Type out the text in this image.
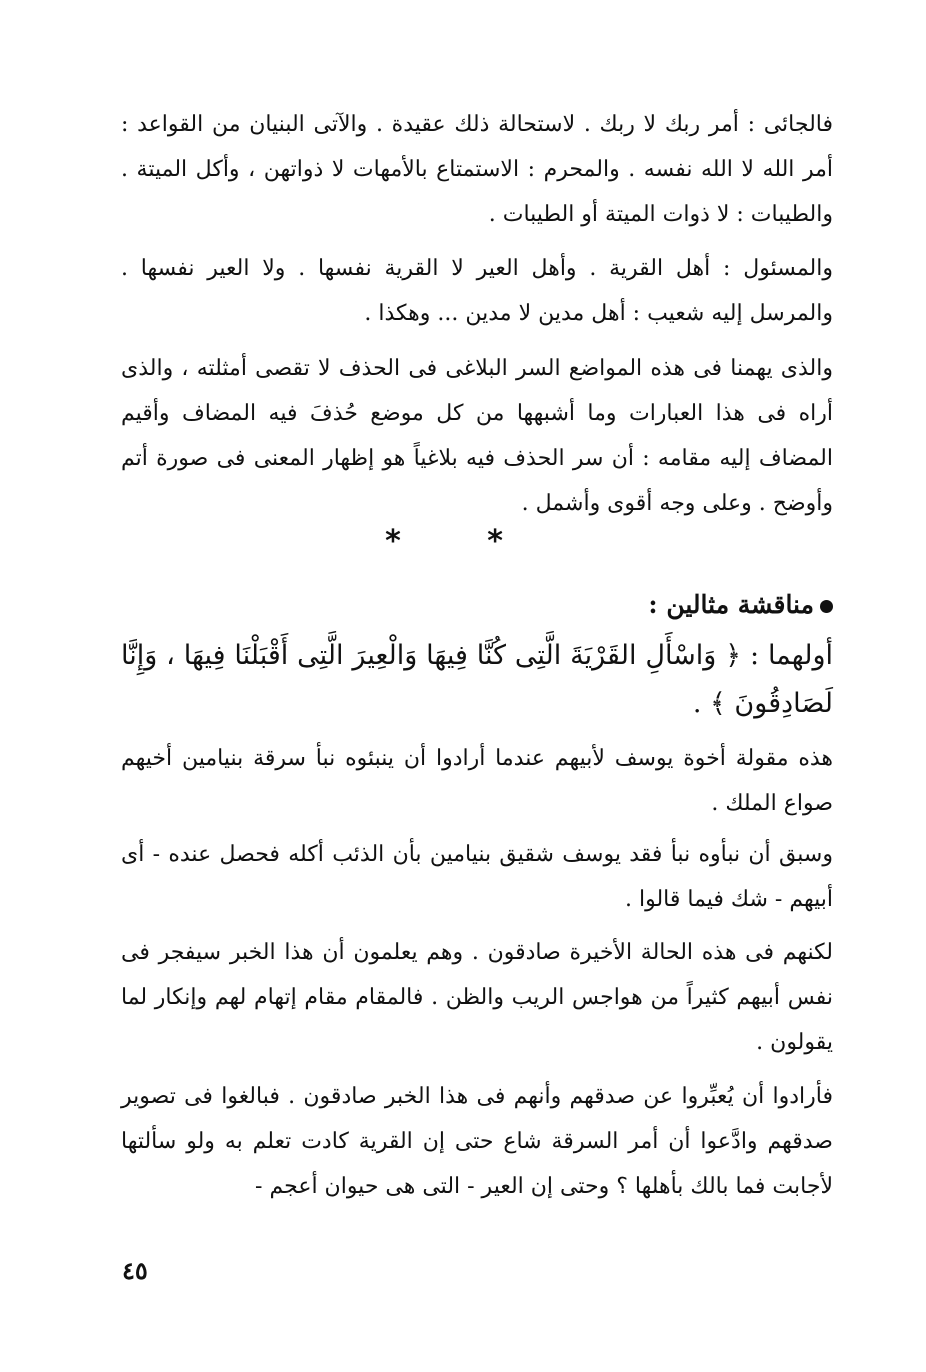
فالجائى : أمر ربك لا ربك . لاستحالة ذلك عقيدة . والآتى البنيان من القواعد : أمر الله لا الله نفسه . والمحرم : الاستمتاع بالأمهات لا ذواتهن ، وأكل الميتة . والطيبات : لا ذوات الميتة أو الطيبات .

والمسئول : أهل القرية . وأهل العير لا القرية نفسها . ولا العير نفسها . والمرسل إليه شعيب : أهل مدين لا مدين ... وهكذا .

والذى يهمنا فى هذه المواضع السر البلاغى فى الحذف لا تقصى أمثلته ، والذى أراه فى هذا العبارات وما أشبهها من كل موضع حُذفَ فيه المضاف وأقيم المضاف إليه مقامه : أن سر الحذف فيه بلاغياً هو إظهار المعنى فى صورة أتم وأوضح . وعلى وجه أقوى وأشمل .

* *
مناقشة مثالين :

أولهما : ﴿ وَاسْأَلِ القَرْيَةَ الَّتِى كُنَّا فِيهَا وَالْعِيرَ الَّتِى أَقْبَلْنَا فِيهَا ، وَإِنَّا لَصَادِقُونَ ﴾ .

هذه مقولة أخوة يوسف لأبيهم عندما أرادوا أن ينبئوه نبأ سرقة بنيامين أخيهم صواع الملك .

وسبق أن نبأوه نبأ فقد يوسف شقيق بنيامين بأن الذئب أكله فحصل عنده - أى أبيهم - شك فيما قالوا .

لكنهم فى هذه الحالة الأخيرة صادقون . وهم يعلمون أن هذا الخبر سيفجر فى نفس أبيهم كثيراً من هواجس الريب والظن . فالمقام مقام إتهام لهم وإنكار لما يقولون .

فأرادوا أن يُعبِّروا عن صدقهم وأنهم فى هذا الخبر صادقون . فبالغوا فى تصوير صدقهم وادَّعوا أن أمر السرقة شاع حتى إن القرية كادت تعلم به ولو سألتها لأجابت فما بالك بأهلها ؟ وحتى إن العير - التى هى حيوان أعجم -

٤٥
